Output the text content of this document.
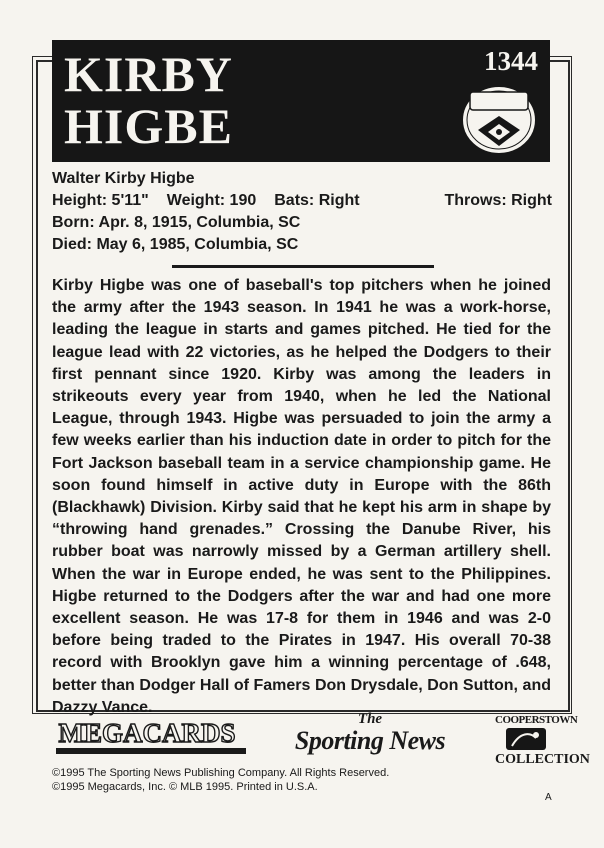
KIRBY
HIGBE
1344
Walter Kirby Higbe
Height: 5'11" Weight: 190 Bats: Right	Throws: Right
Born: Apr. 8, 1915, Columbia, SC
Died: May 6, 1985, Columbia, SC
Kirby Higbe was one of baseball's top pitchers when he joined the army after the 1943 season. In 1941 he was a work-horse, leading the league in starts and games pitched. He tied for the league lead with 22 victories, as he helped the Dodgers to their first pennant since 1920. Kirby was among the leaders in strikeouts every year from 1940, when he led the National League, through 1943. Higbe was persuaded to join the army a few weeks earlier than his induction date in order to pitch for the Fort Jackson baseball team in a service championship game. He soon found himself in active duty in Europe with the 86th (Blackhawk) Division. Kirby said that he kept his arm in shape by “throwing hand grenades.” Crossing the Danube River, his rubber boat was narrowly missed by a German artillery shell. When the war in Europe ended, he was sent to the Philippines. Higbe returned to the Dodgers after the war and had one more excellent season. He was 17-8 for them in 1946 and was 2-0 before being traded to the Pirates in 1947. His overall 70-38 record with Brooklyn gave him a winning percentage of .648, better than Dodger Hall of Famers Don Drysdale, Don Sutton, and Dazzy Vance.
MEGACARDS	The
Sporting News
COOPERSTOWN
COLLECTION
©1995 The Sporting News Publishing Company. All Rights Reserved.
©1995 Megacards, Inc. © MLB 1995. Printed in U.S.A.
A
